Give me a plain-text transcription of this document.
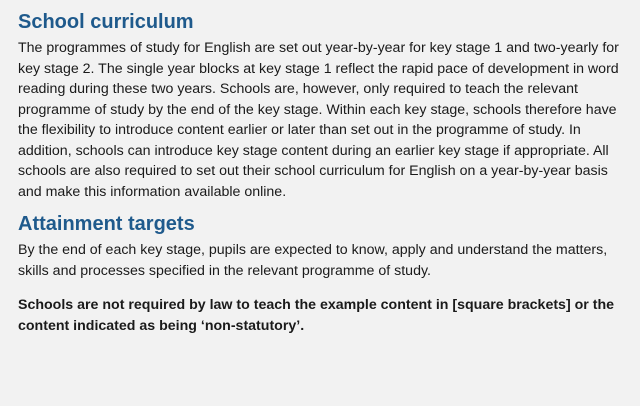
School curriculum

The programmes of study for English are set out year-by-year for key stage 1 and two-yearly for key stage 2. The single year blocks at key stage 1 reflect the rapid pace of development in word reading during these two years. Schools are, however, only required to teach the relevant programme of study by the end of the key stage. Within each key stage, schools therefore have the flexibility to introduce content earlier or later than set out in the programme of study. In addition, schools can introduce key stage content during an earlier key stage if appropriate. All schools are also required to set out their school curriculum for English on a year-by-year basis and make this information available online.

Attainment targets

By the end of each key stage, pupils are expected to know, apply and understand the matters, skills and processes specified in the relevant programme of study.

Schools are not required by law to teach the example content in [square brackets] or the content indicated as being ‘non-statutory’.
